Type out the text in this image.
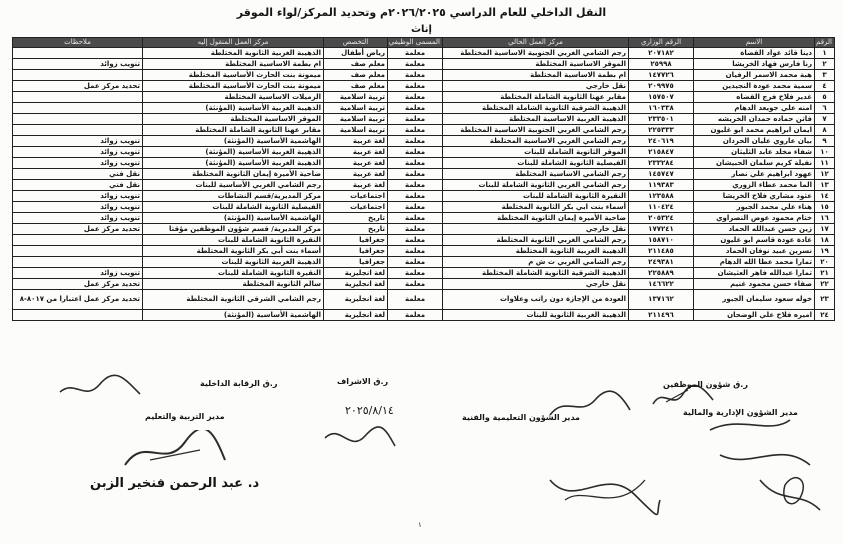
النقل الداخلي للعام الدراسي ٢٠٢٦/٢٠٢٥م وتحديد المركز/لواء الموقر
إناث
الرقم	الاسم	الرقم الوزاري	مركز العمل الحالي	المسمى الوظيفي	التخصص	مركز العمل المنقول إليه	ملاحظات
١	دينا قائد عواد القضاة	٢٠٧١٨٢	رجم الشامي الغربي الجنوبية الاساسية المختلطة	معلمة	رياض أطفال	الذهيبة الغربية الثانوية المختلطة	
٢	رنا فارس فهاد الخريشا	٢٥٩٩٨	الموقر الاساسية المختلطة	معلمة	معلم صف	ام بطمة الاساسية المختلطة	تنويب زوائد
٣	هبة محمد الاسمر الرفيان	١٤٧٧٢٦	ام بطمة الاساسية المختلطة	معلمة	معلم صف	ميمونة بنت الحارث الأساسية المختلطة	
٤	سمية محمد عودة النجيدين	٢٠٩٩٧٥	نقل خارجي	معلمة	معلم صف	ميمونة بنت الحارث الأساسية المختلطة	تحديد مركز عمل
٥	غدير فلاح فرج القضاه	١٥٧٥٠٧	مقابر عهنا الثانوية الشاملة المختلطة	معلمة	تربية اسلامية	الزميلات الاساسية المختلطة	
٦	امنه علي جويعد الدهام	١٦٠٣٣٨	الذهيبة الشرقية الثانوية الشاملة المختلطة	معلمة	تربية اسلامية	الذهيبة الغربية الأساسية (المؤنثة)	
٧	فاتن حماده حمدان الخريشه	٢٣٣٥٠١	الذهيبة الغربية الاساسية المختلطة	معلمة	تربية اسلامية	الموقر الاساسية المختلطة	
٨	ايمان ابراهيم محمد ابو غليون	٢٢٥٣٣٣	رجم الشامي الغربي الجنوبية الاساسية المختلطة	معلمة	تربية اسلامية	مقابر عهنا الثانوية الشاملة المختلطة	
٩	بيان عاروي عليان الحردان	٢٤٠٦١٩	رجم الشامي الغربي الاساسية المختلطة	معلمة	لغة عربية	الهاشمية الأساسية (المؤنثة)	تنويب زوائد
١٠	شفاء مخلد عابد الثليثان	٢١٥٨٤٧	الموقر الثانوية الشاملة للبنات	معلمة	لغة عربية	الذهيبة الغربية الأساسية (المؤنثة)	تنويب زوائد
١١	نفيلة كريم سلمان الحبيشان	٢٣٣٢٨٤	الفيصلية الثانوية الشاملة للبنات	معلمة	لغة عربية	الذهيبة الغربية الأساسية (المؤنثة)	تنويب زوائد
١٢	عهود ابراهيم علي نصار	١٤٥٧٤٧	رجم الشامي الاساسية المختلطة	معلمة	لغة عربية	ضاحية الأميرة إيمان الثانوية المختلطة	نقل فني
١٣	الما محمد عطاء الزوري	١١٩٣٨٣	رجم الشامي الغربي الثانوية الشاملة للبنات	معلمة	لغة عربية	رجم الشامي الغربي الأساسية للبنات	نقل فني
١٤	عثود مشاري فلاح الخريشا	١٢٣٥٨٨	النقيرة الثانوية الشاملة للبنات	معلمة	اجتماعيات	مركز المديرية/قسم النشاطات	تنويب زوائد
١٥	هناء علي محمد الجبور	١١٠٤٢٤	أسماء بنت ابي بكر الثانوية المختلطة	معلمة	اجتماعيات	الفيصلية الثانوية الشاملة للبنات	تنويب زوائد
١٦	ختام محمود عوض النصراوي	٢٠٥٣٢٤	ضاحية الأميرة إيمان الثانوية المختلطة	معلمة	تاريخ	الهاشمية الأساسية (المؤنثة)	تنويب زوائد
١٧	زين حسن عبدالله الحماد	١٧٧٢٤١	نقل خارجي	معلمة	تاريخ	مركز المديرية/ قسم شؤون الموظفين مؤقتا	تحديد مركز عمل
١٨	غادة عودة قاسم ابو غليون	١٥٨٧١٠	رجم الشامي الغربي الثانوية المختلطة	معلمة	جغرافيا	النقيرة الثانوية الشاملة للبنات	
١٩	نسرين عبيد نوفان الحماد	٢١١٤٨٥	الذهيبة الغربية الثانوية المختلطة	معلمة	جغرافيا	أسماء بنت أبي بكر الثانوية المختلطة	
٢٠	تمارا محمد عطا الله الدهام	٢٤٩٣٨١	رجم الشامي الغربي ث ش م	معلمة	جغرافيا	الذهيبة الغربية الثانوية للبنات	
٢١	تمارا عبدالله فاهر العثيشان	٢٢٥٨٨٩	الذهيبة الشرقية الثانوية الشاملة المختلطة	معلمة	لغة انجليزية	النقيرة الثانوية الشاملة للبنات	تنويب زوائد
٢٢	صفاء حسن محمود غنيم	١٤٦٦٢٢	نقل خارجي	معلمة	لغة انجليزية	سالم الثانوية المختلطة	تحديد مركز عمل
٢٣	خوله سعود سليمان الجبور	١٣٧١٦٢	العودة من الإجازة دون راتب وعلاوات	معلمة	لغة انجليزية	رجم الشامي الشرقي الثانوية المختلطة	تحديد مركز عمل اعتبارا من ٨٠١٧-٨
٢٤	اميره فلاح علي الوضحان	٢١١٤٩٦	الذهيبة الغربية الثانوية للبنات	معلمة	لغة انجليزية	الهاشمية الأساسية (المؤنثة)	
ر.ق شؤون الموظفين
مدير الشؤون الإدارية والمالية
ر.ق الاشراف
مدير الشؤون التعليمية والفنية
ر.ق الرقابة الداخلية
مدير التربية والتعليم	٢٠٢٥/٨/١٤
د. عبد الرحمن فنخير الزبن
١
